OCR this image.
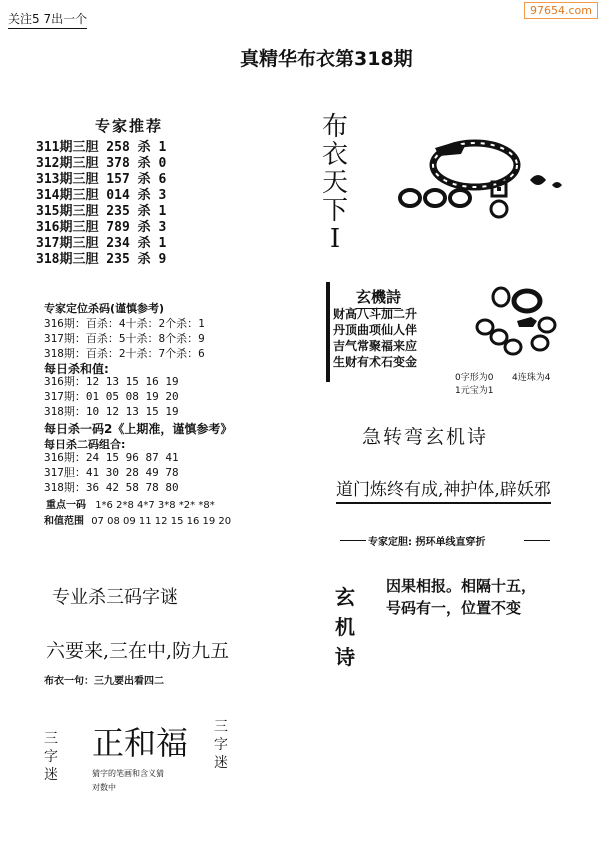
关注5 7出一个
97654.com
真精华布衣第318期
专家推荐
311期三胆 258 杀 1
312期三胆 378 杀 0
313期三胆 157 杀 6
314期三胆 014 杀 3
315期三胆 235 杀 1
316期三胆 789 杀 3
317期三胆 234 杀 1
318期三胆 235 杀 9
布
衣
天
下
I
专家定位杀码(谨慎参考)
316期：百杀：4十杀：2个杀：1
317期：百杀：5十杀：8个杀：9
318期：百杀：2十杀：7个杀：6
每日杀和值:
316期：12 13 15 16 19
317期：01 05 08 19 20
318期：10 12 13 15 19
每日杀一码2《上期准，谨慎参考》
每日杀二码组合:
316期：24 15 96 87 41
317胆：41 30 28 49 78
318期：36 42 58 78 80
重点一码 1*6 2*8 4*7 3*8 *2* *8*
和值范围 07 08 09 11 12 15 16 19 20
玄機詩
财高八斗加二升
丹顶曲项仙人伴
吉气常聚福来应
生财有术石变金
0字形为0 4连珠为4
1元宝为1
急转弯玄机诗
道门炼终有成,神护体,辟妖邪
专家定胆: 拐环单线直穿折
专业杀三码字谜
六要来,三在中,防九五
布衣一句：三九要出看四二
玄
机
诗
因果相报。相隔十五，
号码有一，位置不变
三
字
迷
正和福 三
字
迷
猜字的笔画和含义猜
对数中
